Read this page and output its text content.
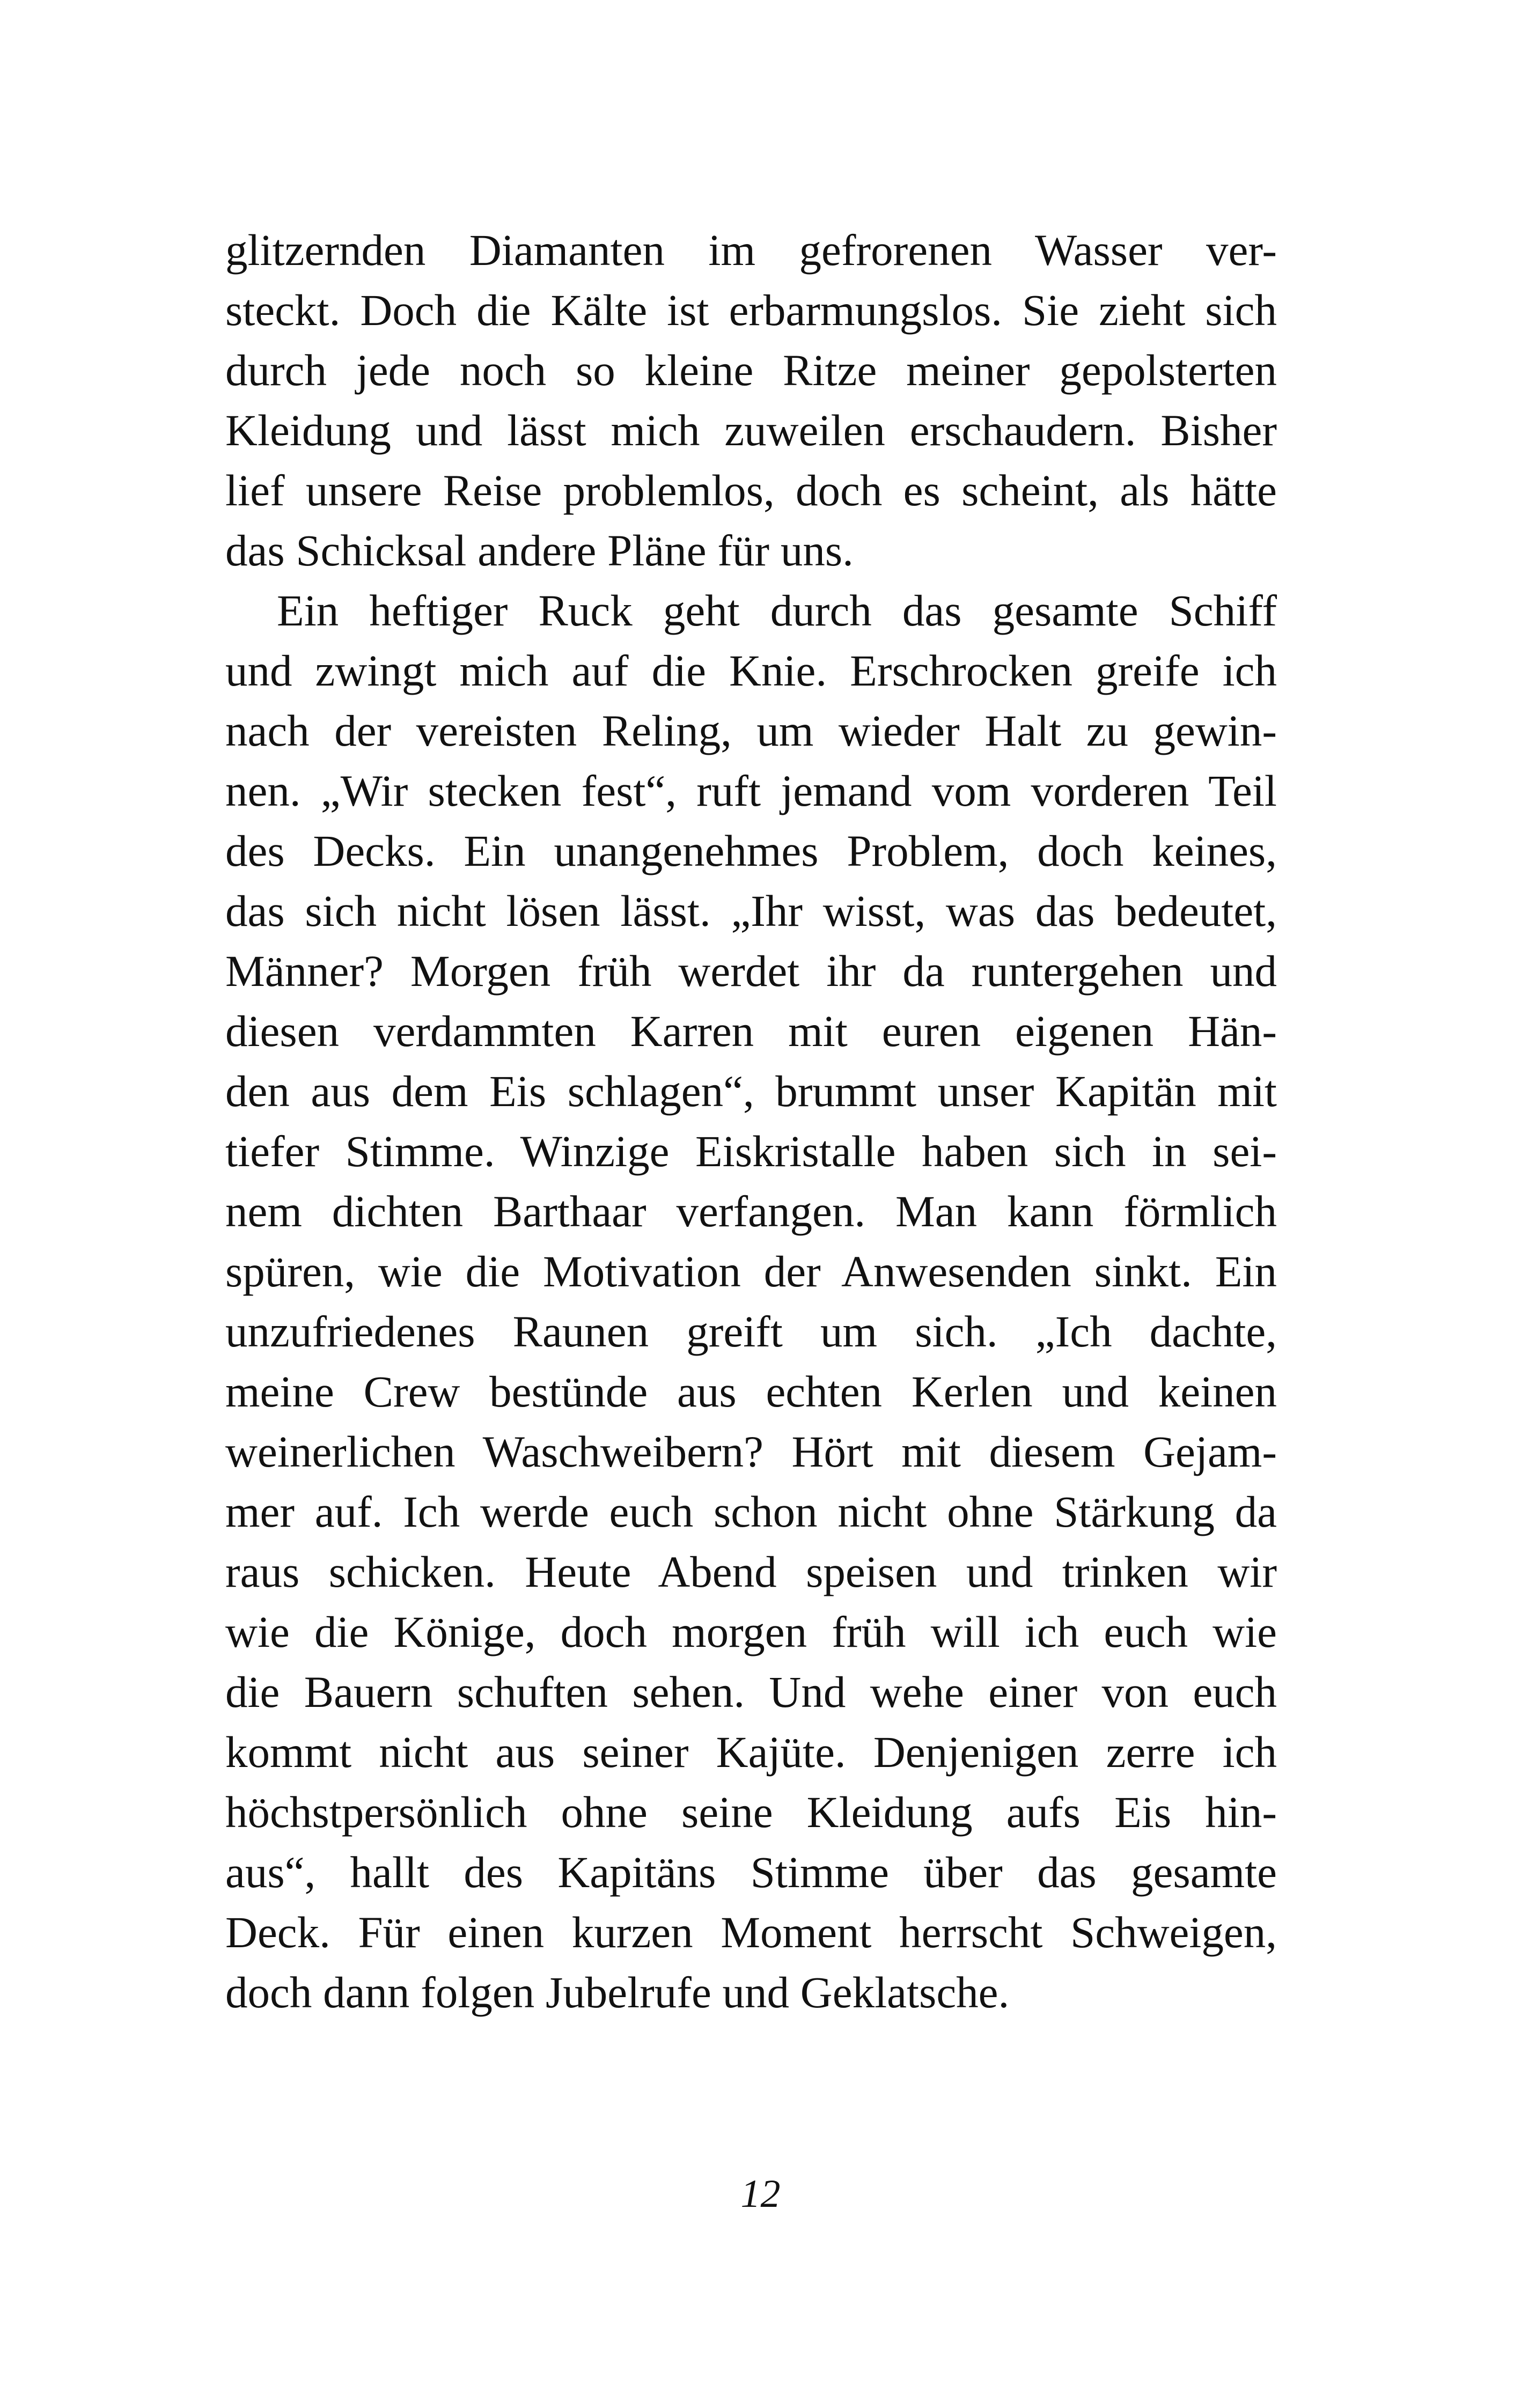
glitzernden Diamanten im gefrorenen Wasser ver-
steckt. Doch die Kälte ist erbarmungslos. Sie zieht sich
durch jede noch so kleine Ritze meiner gepolsterten
Kleidung und lässt mich zuweilen erschaudern. Bisher
lief unsere Reise problemlos, doch es scheint, als hätte
das Schicksal andere Pläne für uns.
Ein heftiger Ruck geht durch das gesamte Schiff
und zwingt mich auf die Knie. Erschrocken greife ich
nach der vereisten Reling, um wieder Halt zu gewin-
nen. „Wir stecken fest“, ruft jemand vom vorderen Teil
des Decks. Ein unangenehmes Problem, doch keines,
das sich nicht lösen lässt. „Ihr wisst, was das bedeutet,
Männer? Morgen früh werdet ihr da runtergehen und
diesen verdammten Karren mit euren eigenen Hän-
den aus dem Eis schlagen“, brummt unser Kapitän mit
tiefer Stimme. Winzige Eiskristalle haben sich in sei-
nem dichten Barthaar verfangen. Man kann förmlich
spüren, wie die Motivation der Anwesenden sinkt. Ein
unzufriedenes Raunen greift um sich. „Ich dachte,
meine Crew bestünde aus echten Kerlen und keinen
weinerlichen Waschweibern? Hört mit diesem Gejam-
mer auf. Ich werde euch schon nicht ohne Stärkung da
raus schicken. Heute Abend speisen und trinken wir
wie die Könige, doch morgen früh will ich euch wie
die Bauern schuften sehen. Und wehe einer von euch
kommt nicht aus seiner Kajüte. Denjenigen zerre ich
höchstpersönlich ohne seine Kleidung aufs Eis hin-
aus“, hallt des Kapitäns Stimme über das gesamte
Deck. Für einen kurzen Moment herrscht Schweigen,
doch dann folgen Jubelrufe und Geklatsche.
12
